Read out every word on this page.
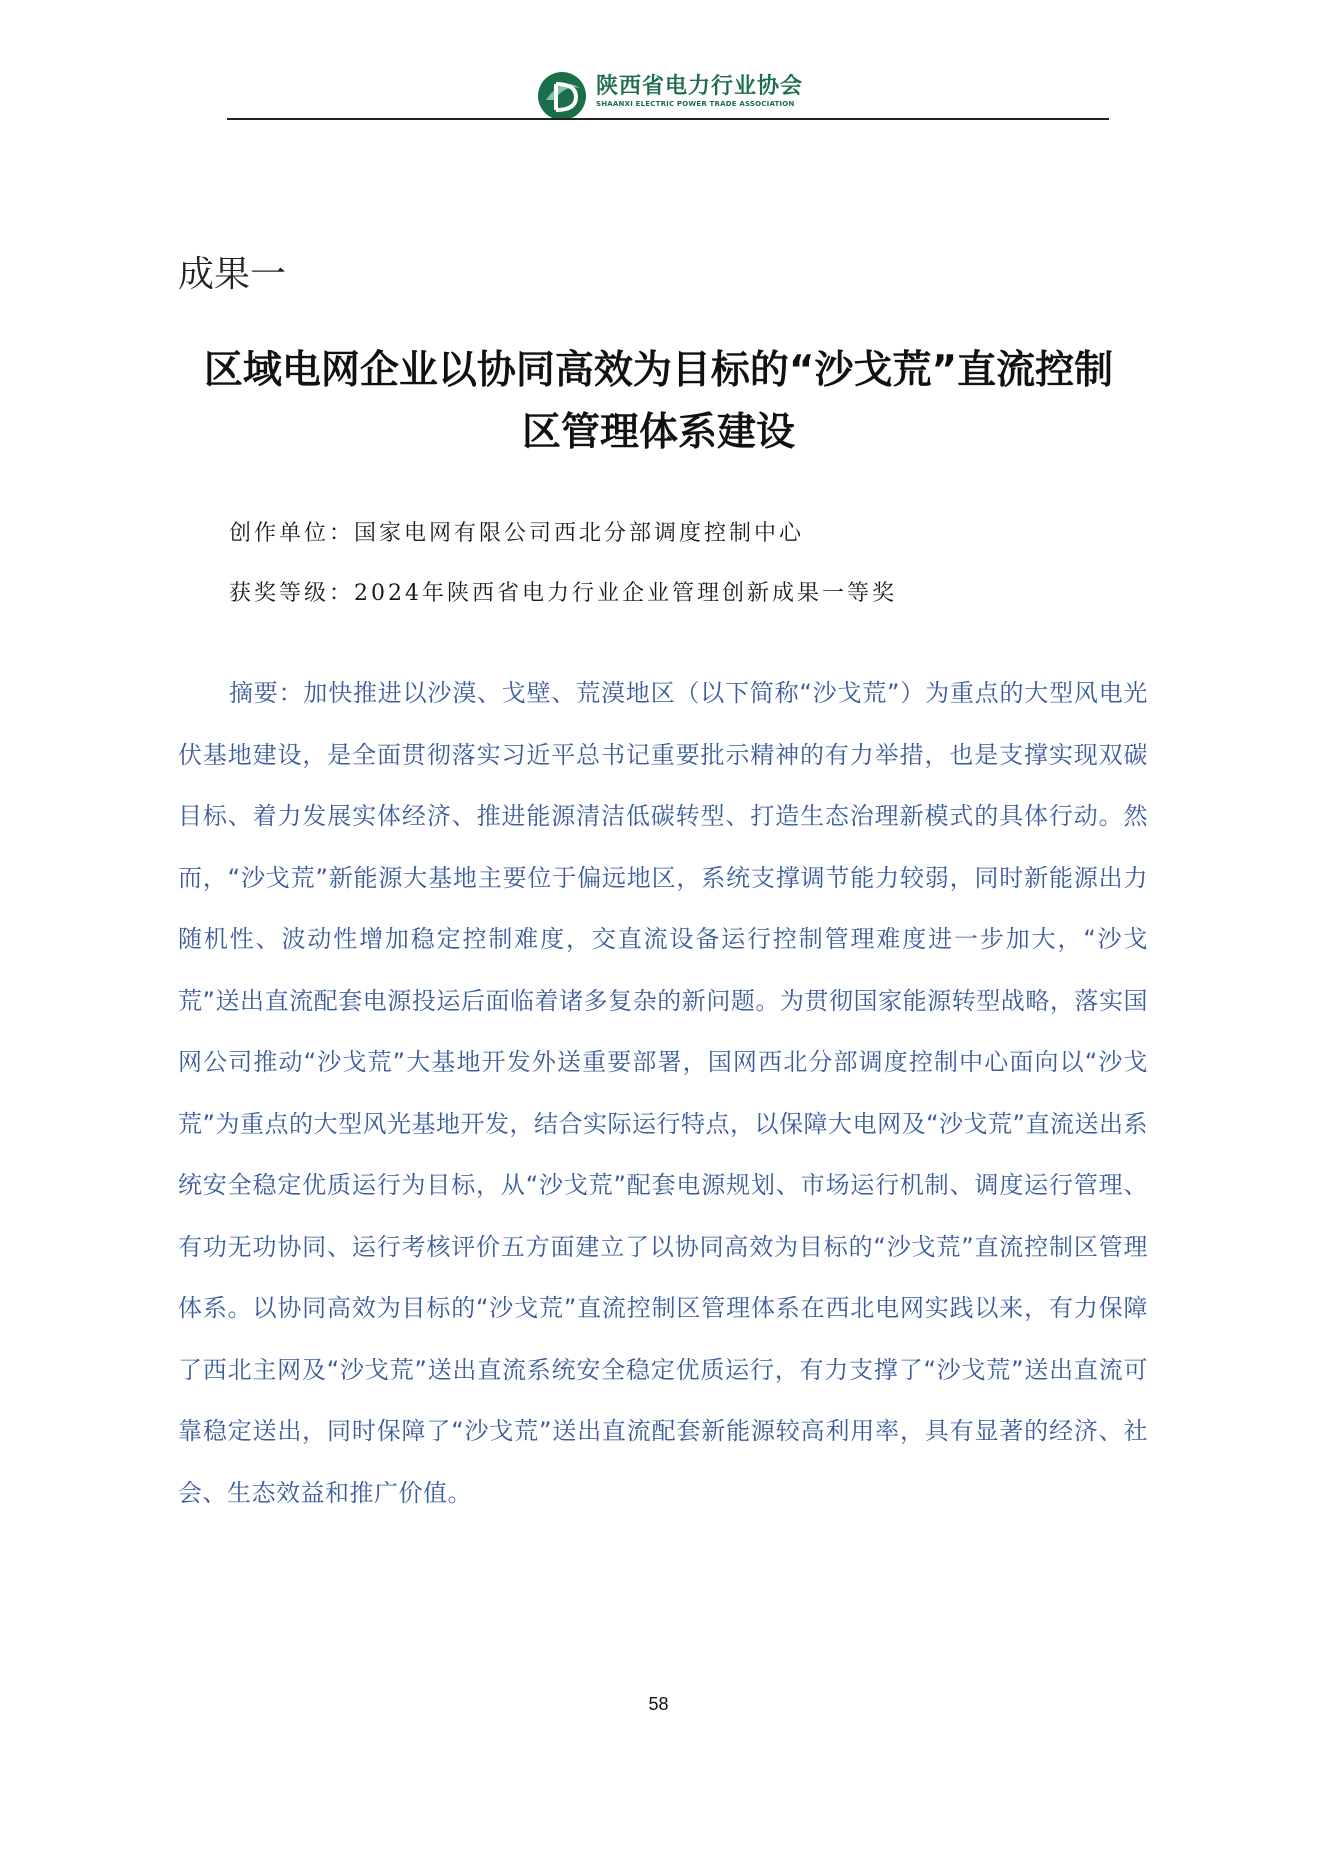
陕西省电力行业协会
SHAANXI ELECTRIC POWER TRADE ASSOCIATION
成果一
区域电网企业以协同高效为目标的“沙戈荒”直流控制
区管理体系建设
创作单位：国家电网有限公司西北分部调度控制中心
获奖等级：2024年陕西省电力行业企业管理创新成果一等奖

摘要：加快推进以沙漠、戈壁、荒漠地区（以下简称“沙戈荒”）为重点的大型风电光伏基地建设，是全面贯彻落实习近平总书记重要批示精神的有力举措，也是支撑实现双碳目标、着力发展实体经济、推进能源清洁低碳转型、打造生态治理新模式的具体行动。然而，“沙戈荒”新能源大基地主要位于偏远地区，系统支撑调节能力较弱，同时新能源出力随机性、波动性增加稳定控制难度，交直流设备运行控制管理难度进一步加大，“沙戈荒”送出直流配套电源投运后面临着诸多复杂的新问题。为贯彻国家能源转型战略，落实国网公司推动“沙戈荒”大基地开发外送重要部署，国网西北分部调度控制中心面向以“沙戈荒”为重点的大型风光基地开发，结合实际运行特点，以保障大电网及“沙戈荒”直流送出系统安全稳定优质运行为目标，从“沙戈荒”配套电源规划、市场运行机制、调度运行管理、有功无功协同、运行考核评价五方面建立了以协同高效为目标的“沙戈荒”直流控制区管理体系。以协同高效为目标的“沙戈荒”直流控制区管理体系在西北电网实践以来，有力保障了西北主网及“沙戈荒”送出直流系统安全稳定优质运行，有力支撑了“沙戈荒”送出直流可靠稳定送出，同时保障了“沙戈荒”送出直流配套新能源较高利用率，具有显著的经济、社会、生态效益和推广价值。

58
